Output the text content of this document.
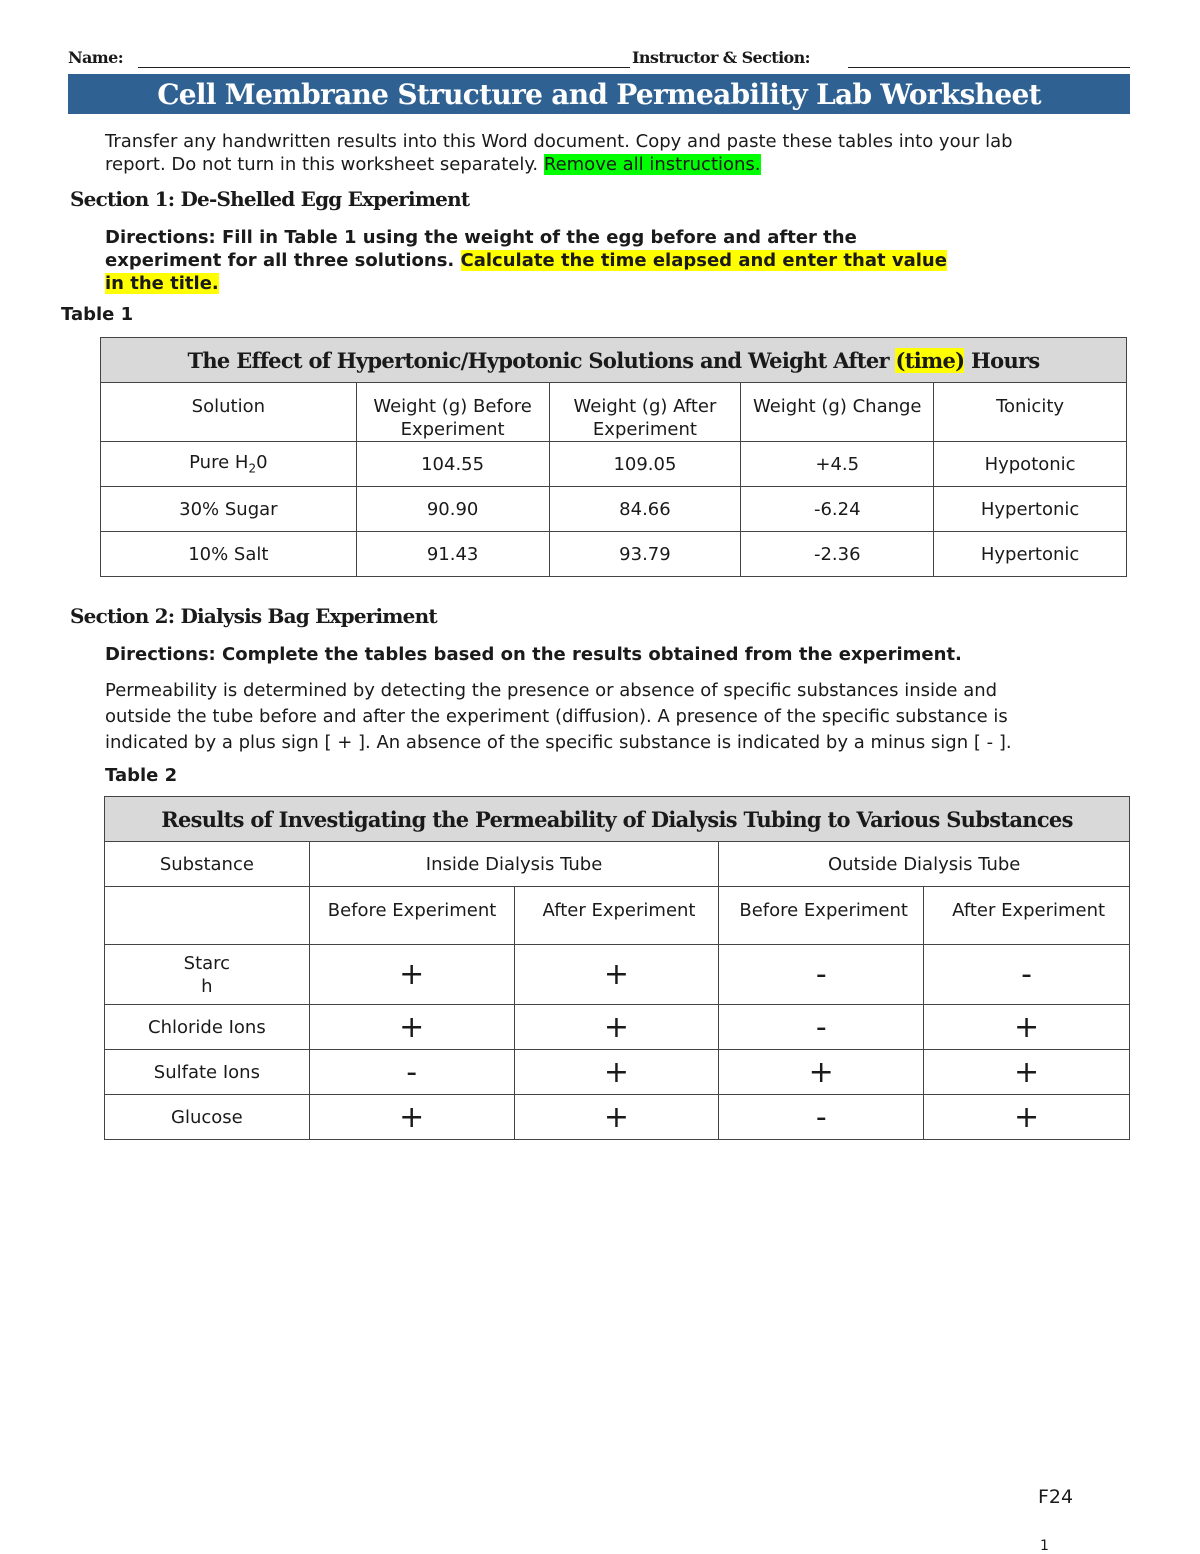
Name:	Instructor & Section:
Cell Membrane Structure and Permeability Lab Worksheet
Transfer any handwritten results into this Word document. Copy and paste these tables into your lab
report. Do not turn in this worksheet separately. Remove all instructions.
Section 1: De-Shelled Egg Experiment
Directions: Fill in Table 1 using the weight of the egg before and after the
experiment for all three solutions. Calculate the time elapsed and enter that value
in the title.
Table 1
The Effect of Hypertonic/Hypotonic Solutions and Weight After (time) Hours				
Solution	Weight (g) Before Experiment	Weight (g) After Experiment	Weight (g) Change	Tonicity
Pure $H_20$	104.55	109.05	+4.5	Hypotonic
30% Sugar	90.90	84.66	-6.24	Hypertonic
10% Salt	91.43	93.79	-2.36	Hypertonic
Section 2: Dialysis Bag Experiment
Directions: Complete the tables based on the results obtained from the experiment.
Permeability is determined by detecting the presence or absence of specific substances inside and
outside the tube before and after the experiment (diffusion). A presence of the specific substance is
indicated by a plus sign [ + ]. An absence of the specific substance is indicated by a minus sign [ - ].
Table 2
Results of Investigating the Permeability of Dialysis Tubing to Various Substances				
Substance	Inside Dialysis Tube		Outside Dialysis Tube	
	Before Experiment	After Experiment	Before Experiment	After Experiment

Starc
h	+	+	-	-
Chloride Ions	+	+	-	+
Sulfate Ions	-	+	+	+
Glucose	+	+	-	+
F24
1
